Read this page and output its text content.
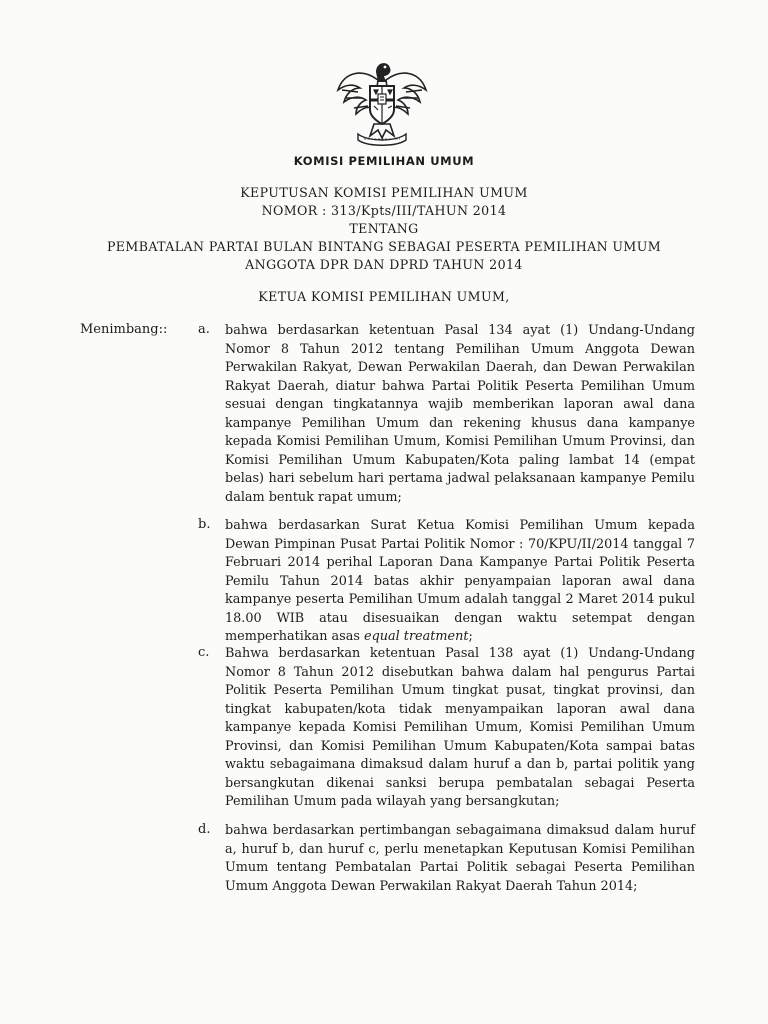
KOMISI PEMILIHAN UMUM
KEPUTUSAN KOMISI PEMILIHAN UMUM
NOMOR : 313/Kpts/III/TAHUN 2014
TENTANG
PEMBATALAN PARTAI BULAN BINTANG SEBAGAI PESERTA PEMILIHAN UMUM
ANGGOTA DPR DAN DPRD TAHUN 2014
KETUA KOMISI PEMILIHAN UMUM,
Menimbang:: a. bahwa berdasarkan ketentuan Pasal 134 ayat (1) Undang-Undang Nomor 8 Tahun 2012 tentang Pemilihan Umum Anggota Dewan Perwakilan Rakyat, Dewan Perwakilan Daerah, dan Dewan Perwakilan Rakyat Daerah, diatur bahwa Partai Politik Peserta Pemilihan Umum sesuai dengan tingkatannya wajib memberikan laporan awal dana kampanye Pemilihan Umum dan rekening khusus dana kampanye kepada Komisi Pemilihan Umum, Komisi Pemilihan Umum Provinsi, dan Komisi Pemilihan Umum Kabupaten/Kota paling lambat 14 (empat belas) hari sebelum hari pertama jadwal pelaksanaan kampanye Pemilu dalam bentuk rapat umum;
b. bahwa berdasarkan Surat Ketua Komisi Pemilihan Umum kepada Dewan Pimpinan Pusat Partai Politik Nomor : 70/KPU/II/2014 tanggal 7 Februari 2014 perihal Laporan Dana Kampanye Partai Politik Peserta Pemilu Tahun 2014 batas akhir penyampaian laporan awal dana kampanye peserta Pemilihan Umum adalah tanggal 2 Maret 2014 pukul 18.00 WIB atau disesuaikan dengan waktu setempat dengan memperhatikan asas equal treatment;
c. Bahwa berdasarkan ketentuan Pasal 138 ayat (1) Undang-Undang Nomor 8 Tahun 2012 disebutkan bahwa dalam hal pengurus Partai Politik Peserta Pemilihan Umum tingkat pusat, tingkat provinsi, dan tingkat kabupaten/kota tidak menyampaikan laporan awal dana kampanye kepada Komisi Pemilihan Umum, Komisi Pemilihan Umum Provinsi, dan Komisi Pemilihan Umum Kabupaten/Kota sampai batas waktu sebagaimana dimaksud dalam huruf a dan b, partai politik yang bersangkutan dikenai sanksi berupa pembatalan sebagai Peserta Pemilihan Umum pada wilayah yang bersangkutan;
d. bahwa berdasarkan pertimbangan sebagaimana dimaksud dalam huruf a, huruf b, dan huruf c, perlu menetapkan Keputusan Komisi Pemilihan Umum tentang Pembatalan Partai Politik sebagai Peserta Pemilihan Umum Anggota Dewan Perwakilan Rakyat Daerah Tahun 2014;
